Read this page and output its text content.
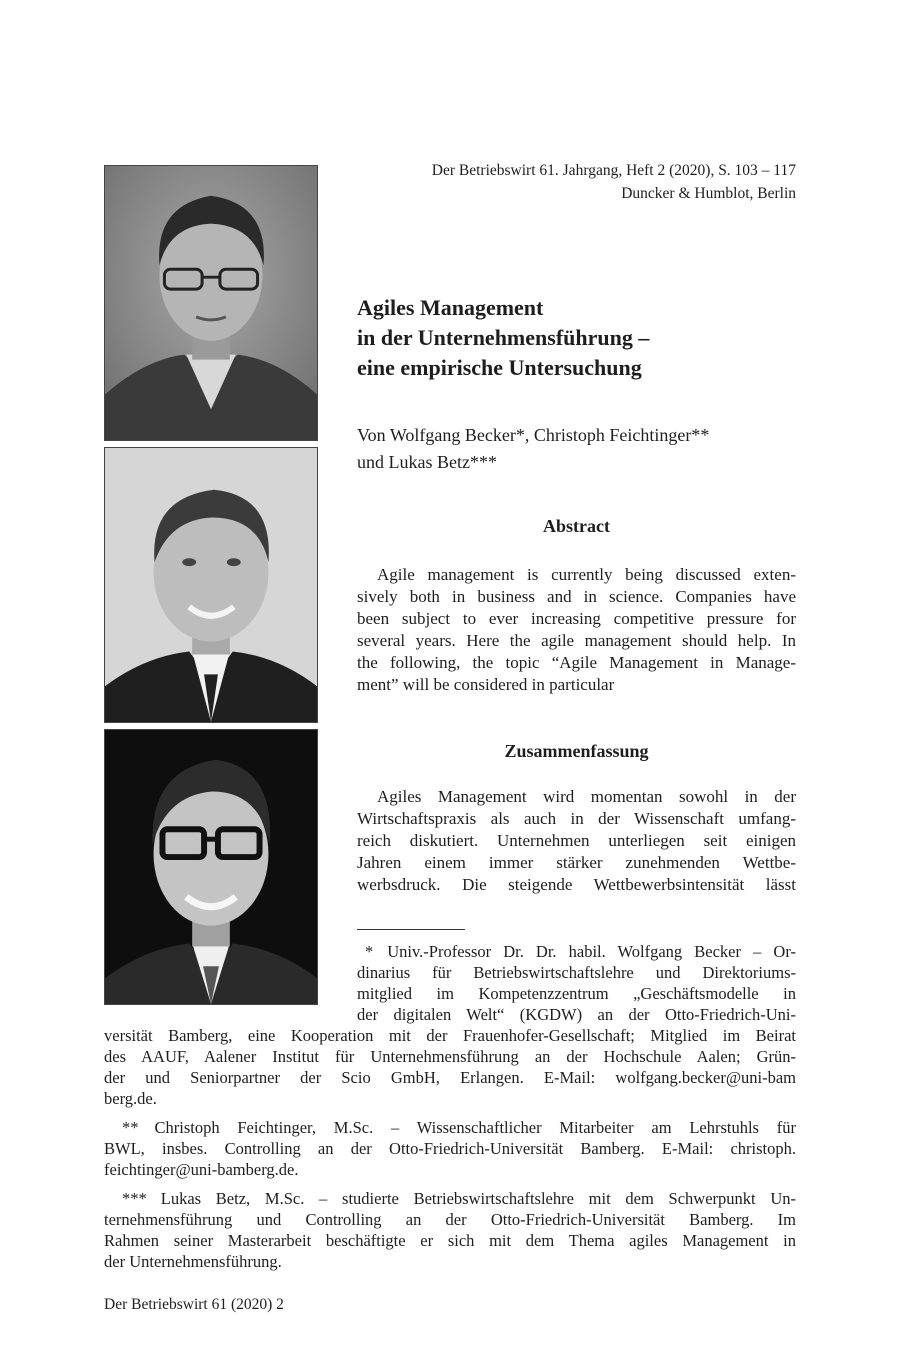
Der Betriebswirt 61. Jahrgang, Heft 2 (2020), S. 103 – 117
Duncker & Humblot, Berlin
Agiles Management
in der Unternehmensführung –
eine empirische Untersuchung
Von Wolfgang Becker*, Christoph Feichtinger**
und Lukas Betz***
Abstract
Agile management is currently being discussed exten-
sively both in business and in science. Companies have
been subject to ever increasing competitive pressure for
several years. Here the agile management should help. In
the following, the topic “Agile Management in Manage-
ment” will be considered in particular
Zusammenfassung
Agiles Management wird momentan sowohl in der
Wirtschaftspraxis als auch in der Wissenschaft umfang-
reich diskutiert. Unternehmen unterliegen seit einigen
Jahren einem immer stärker zunehmenden Wettbe-
werbsdruck. Die steigende Wettbewerbsintensität lässt
* Univ.-Professor Dr. Dr. habil. Wolfgang Becker – Or-
dinarius für Betriebswirtschaftslehre und Direktoriums-
mitglied im Kompetenzzentrum „Geschäftsmodelle in
der digitalen Welt“ (KGDW) an der Otto-Friedrich-Uni-
versität Bamberg, eine Kooperation mit der Frauenhofer-Gesellschaft; Mitglied im Beirat
des AAUF, Aalener Institut für Unternehmensführung an der Hochschule Aalen; Grün-
der und Seniorpartner der Scio GmbH, Erlangen. E-Mail: wolfgang.becker@uni-bam
berg.de.
** Christoph Feichtinger, M.Sc. – Wissenschaftlicher Mitarbeiter am Lehrstuhls für
BWL, insbes. Controlling an der Otto-Friedrich-Universität Bamberg. E-Mail: christoph.
feichtinger@uni-bamberg.de.
*** Lukas Betz, M.Sc. – studierte Betriebswirtschaftslehre mit dem Schwerpunkt Un-
ternehmensführung und Controlling an der Otto-Friedrich-Universität Bamberg. Im
Rahmen seiner Masterarbeit beschäftigte er sich mit dem Thema agiles Management in
der Unternehmensführung.
Der Betriebswirt 61 (2020) 2
